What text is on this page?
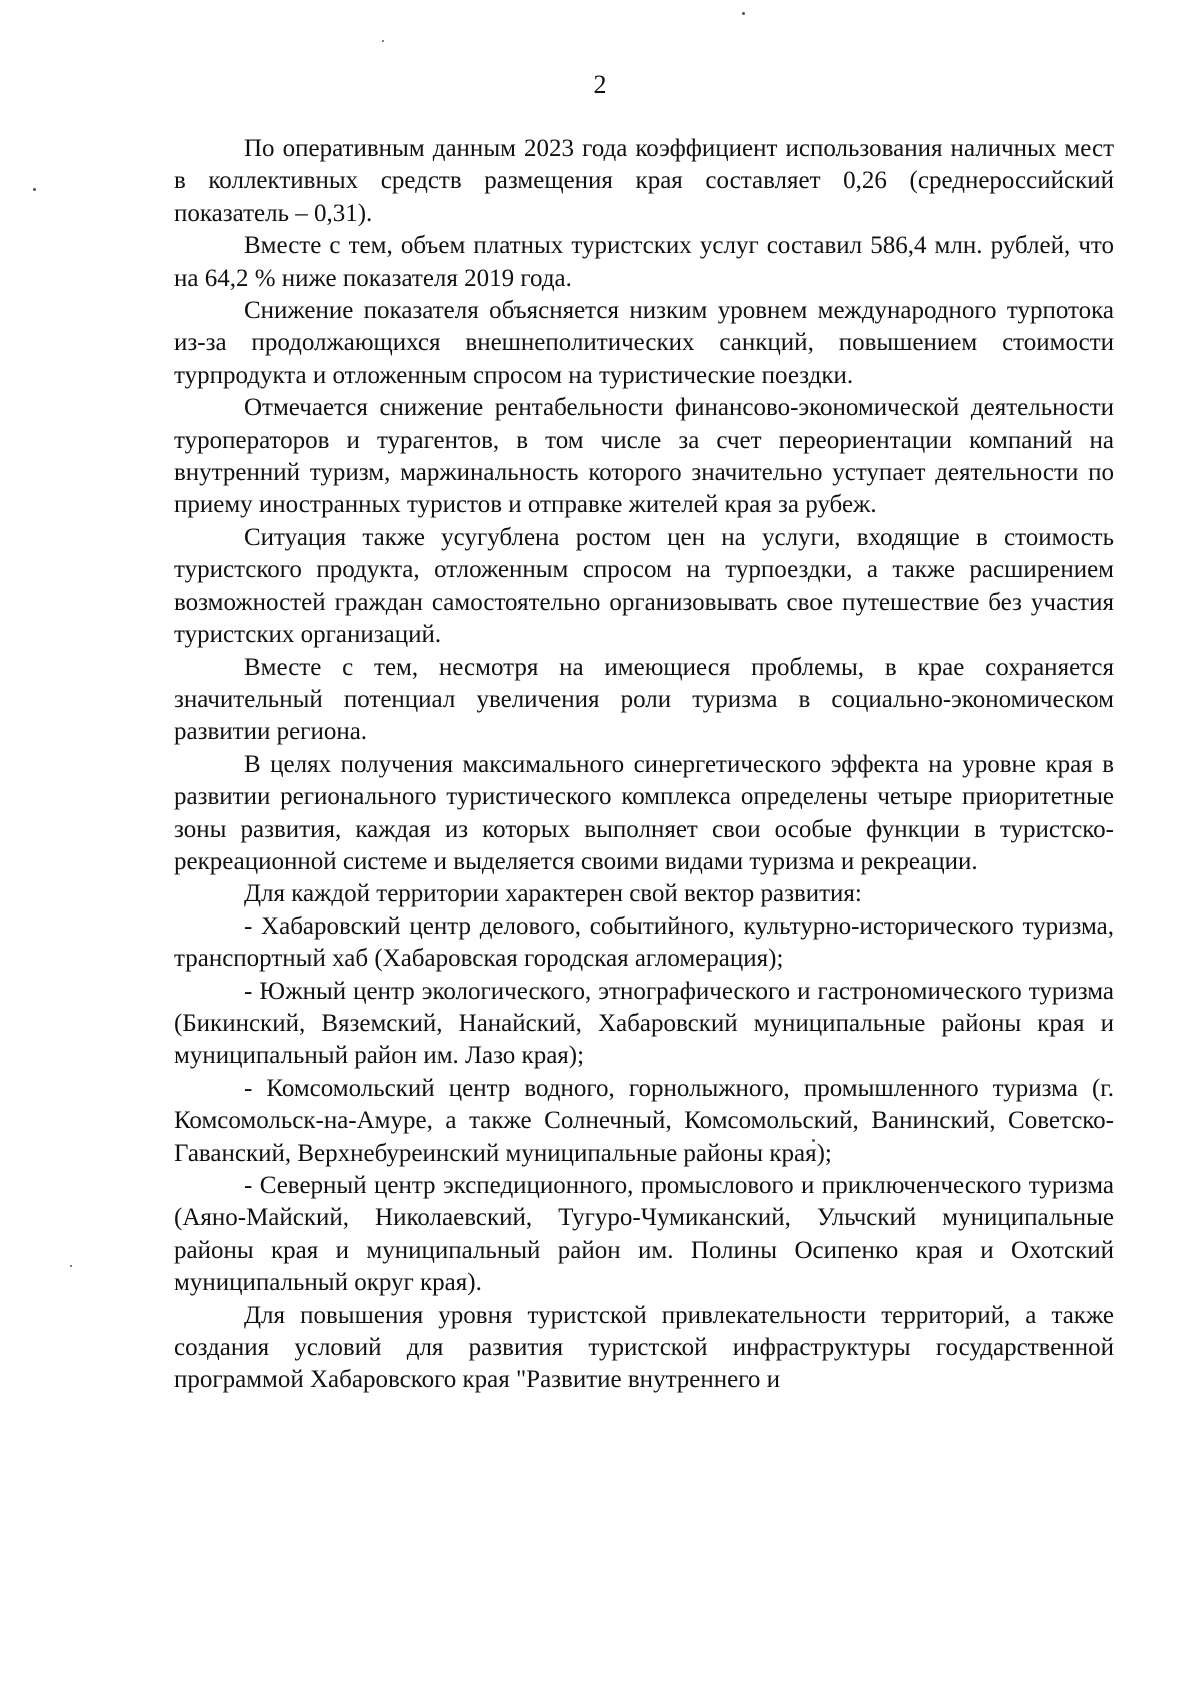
2

По оперативным данным 2023 года коэффициент использования наличных мест в коллективных средств размещения края составляет 0,26 (среднероссийский показатель – 0,31).

Вместе с тем, объем платных туристских услуг составил 586,4 млн. рублей, что на 64,2 % ниже показателя 2019 года.

Снижение показателя объясняется низким уровнем международного турпотока из-за продолжающихся внешнеполитических санкций, повышением стоимости турпродукта и отложенным спросом на туристические поездки.

Отмечается снижение рентабельности финансово-экономической деятельности туроператоров и турагентов, в том числе за счет переориентации компаний на внутренний туризм, маржинальность которого значительно уступает деятельности по приему иностранных туристов и отправке жителей края за рубеж.

Ситуация также усугублена ростом цен на услуги, входящие в стоимость туристского продукта, отложенным спросом на турпоездки, а также расширением возможностей граждан самостоятельно организовывать свое путешествие без участия туристских организаций.

Вместе с тем, несмотря на имеющиеся проблемы, в крае сохраняется значительный потенциал увеличения роли туризма в социально-экономическом развитии региона.

В целях получения максимального синергетического эффекта на уровне края в развитии регионального туристического комплекса определены четыре приоритетные зоны развития, каждая из которых выполняет свои особые функции в туристско-рекреационной системе и выделяется своими видами туризма и рекреации.

Для каждой территории характерен свой вектор развития:

- Хабаровский центр делового, событийного, культурно-исторического туризма, транспортный хаб (Хабаровская городская агломерация);

- Южный центр экологического, этнографического и гастрономического туризма (Бикинский, Вяземский, Нанайский, Хабаровский муниципальные районы края и муниципальный район им. Лазо края);

- Комсомольский центр водного, горнолыжного, промышленного туризма (г. Комсомольск-на-Амуре, а также Солнечный, Комсомольский, Ванинский, Советско-Гаванский, Верхнебуреинский муниципальные районы края);

- Северный центр экспедиционного, промыслового и приключенческого туризма (Аяно-Майский, Николаевский, Тугуро-Чумиканский, Ульчский муниципальные районы края и муниципальный район им. Полины Осипенко края и Охотский муниципальный округ края).

Для повышения уровня туристской привлекательности территорий, а также создания условий для развития туристской инфраструктуры государственной программой Хабаровского края "Развитие внутреннего и
